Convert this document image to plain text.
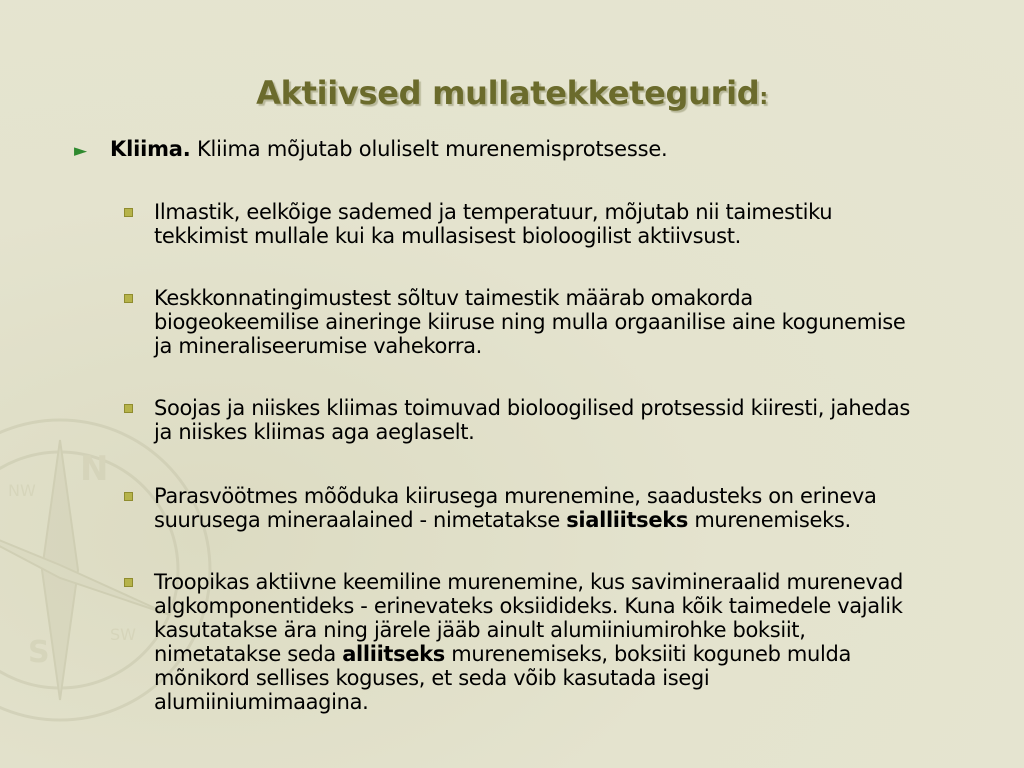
N
S
NW
SW
Aktiivsed mullatekketegurid:
► Kliima. Kliima mõjutab oluliselt murenemisprotsesse.
Ilmastik, eelkõige sademed ja temperatuur, mõjutab nii taimestiku
tekkimist mullale kui ka mullasisest bioloogilist aktiivsust.
Keskkonnatingimustest sõltuv taimestik määrab omakorda
biogeokeemilise aineringe kiiruse ning mulla orgaanilise aine kogunemise
ja mineraliseerumise vahekorra.
Soojas ja niiskes kliimas toimuvad bioloogilised protsessid kiiresti, jahedas
ja niiskes kliimas aga aeglaselt.
Parasvöötmes mõõduka kiirusega murenemine, saadusteks on erineva
suurusega mineraalained - nimetatakse sialliitseks murenemiseks.
Troopikas aktiivne keemiline murenemine, kus savimineraalid murenevad
algkomponentideks - erinevateks oksiidideks. Kuna kõik taimedele vajalik
kasutatakse ära ning järele jääb ainult alumiiniumirohke boksiit,
nimetatakse seda alliitseks murenemiseks, boksiiti koguneb mulda
mõnikord sellises koguses, et seda võib kasutada isegi
alumiiniumimaagina.
